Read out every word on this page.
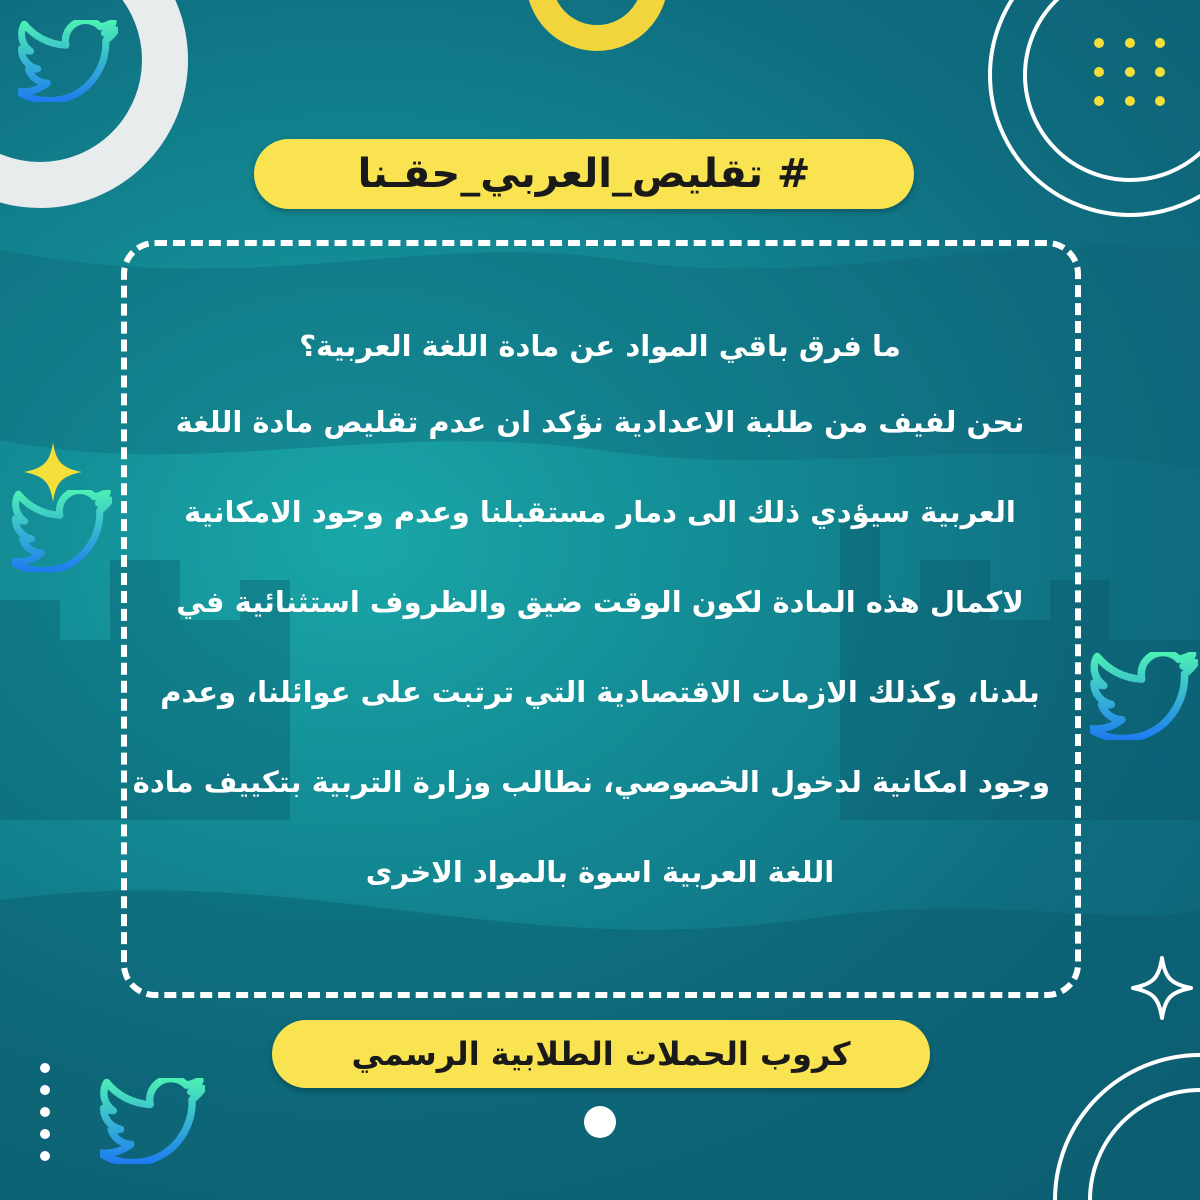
# تقليص_العربي_حقـنا

ما فرق باقي المواد عن مادة اللغة العربية؟

نحن لفيف من طلبة الاعدادية نؤكد ان عدم تقليص مادة اللغة

العربية سيؤدي ذلك الى دمار مستقبلنا وعدم وجود الامكانية

لاكمال هذه المادة لكون الوقت ضيق والظروف استثنائية في

بلدنا، وكذلك الازمات الاقتصادية التي ترتبت على عوائلنا، وعدم

وجود امكانية لدخول الخصوصي، نطالب وزارة التربية بتكييف مادة

اللغة العربية اسوة بالمواد الاخرى

كروب الحملات الطلابية الرسمي
